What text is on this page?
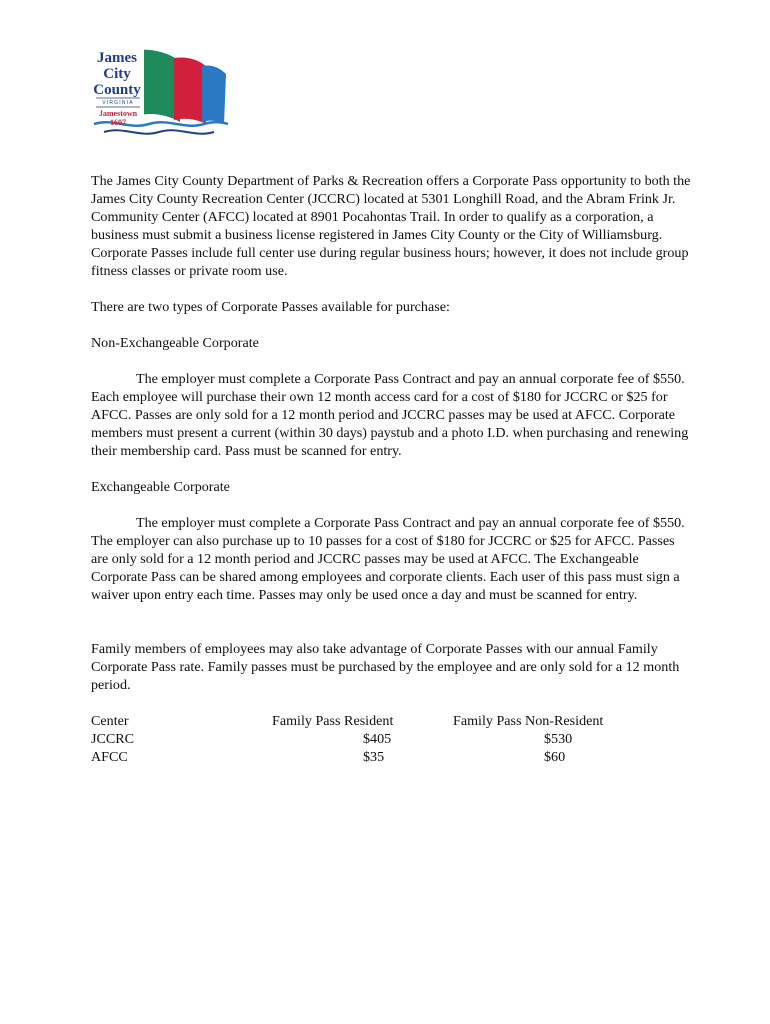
James
City
County
VIRGINIA
Jamestown
1607

The James City County Department of Parks & Recreation offers a Corporate Pass opportunity to both the James City County Recreation Center (JCCRC) located at 5301 Longhill Road, and the Abram Frink Jr. Community Center (AFCC) located at 8901 Pocahontas Trail. In order to qualify as a corporation, a business must submit a business license registered in James City County or the City of Williamsburg. Corporate Passes include full center use during regular business hours; however, it does not include group fitness classes or private room use.

There are two types of Corporate Passes available for purchase:

Non-Exchangeable Corporate

The employer must complete a Corporate Pass Contract and pay an annual corporate fee of $550. Each employee will purchase their own 12 month access card for a cost of $180 for JCCRC or $25 for AFCC. Passes are only sold for a 12 month period and JCCRC passes may be used at AFCC. Corporate members must present a current (within 30 days) paystub and a photo I.D. when purchasing and renewing their membership card. Pass must be scanned for entry.

Exchangeable Corporate

The employer must complete a Corporate Pass Contract and pay an annual corporate fee of $550. The employer can also purchase up to 10 passes for a cost of $180 for JCCRC or $25 for AFCC. Passes are only sold for a 12 month period and JCCRC passes may be used at AFCC. The Exchangeable Corporate Pass can be shared among employees and corporate clients. Each user of this pass must sign a waiver upon entry each time. Passes may only be used once a day and must be scanned for entry.

Family members of employees may also take advantage of Corporate Passes with our annual Family Corporate Pass rate. Family passes must be purchased by the employee and are only sold for a 12 month period.

Center	Family Pass Resident	Family Pass Non-Resident
JCCRC	$405	$530
AFCC	$35	$60
